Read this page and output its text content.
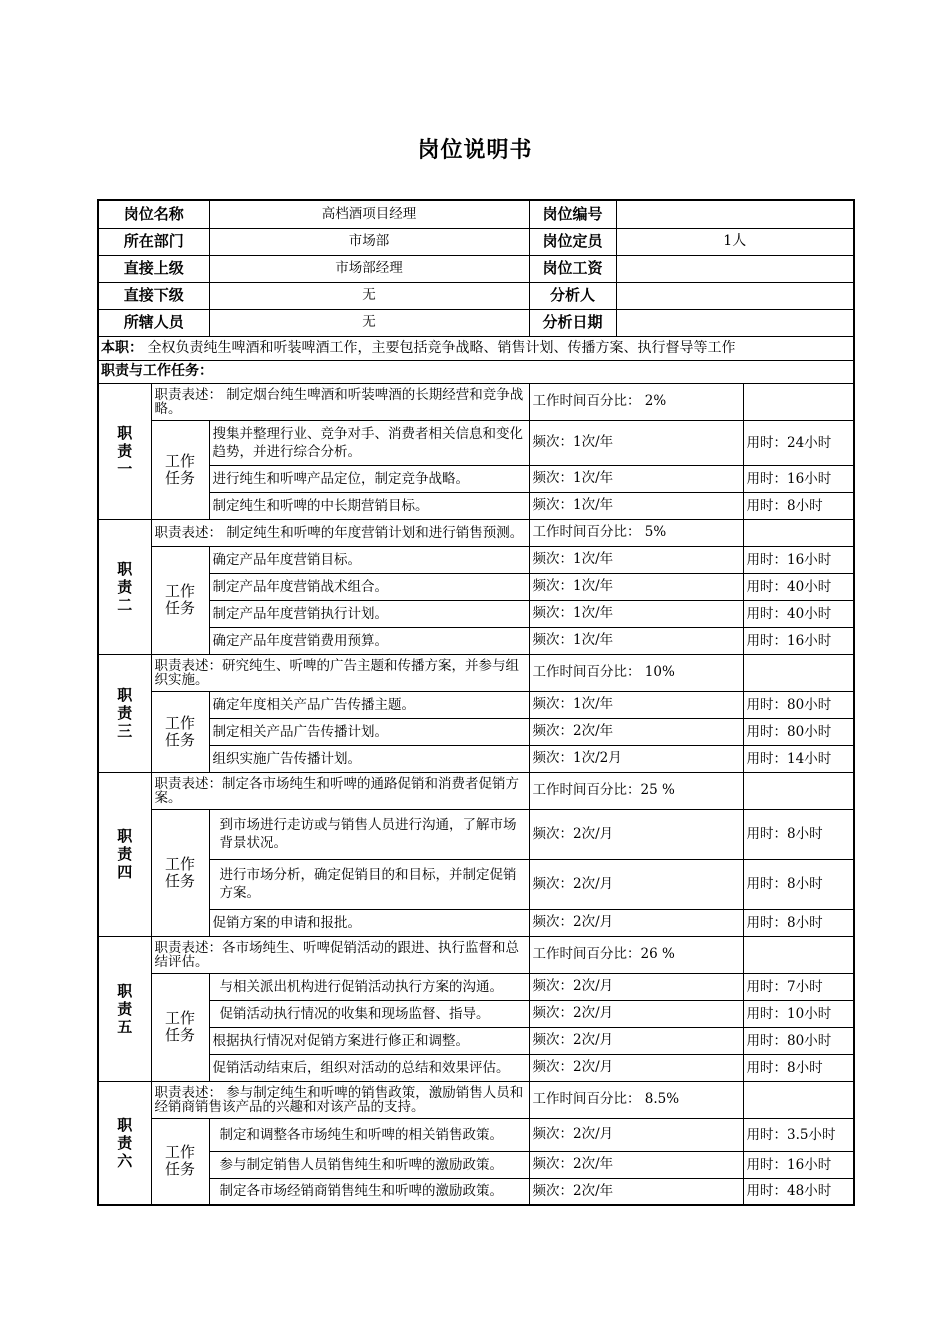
岗位说明书
岗位名称		高档酒项目经理	岗位编号		
所在部门		市场部	岗位定员	1人	
直接上级		市场部经理	岗位工资		
直接下级		无	分析人		
所辖人员		无	分析日期		
本职： 全权负责纯生啤酒和听装啤酒工作，主要包括竞争战略、销售计划、传播方案、执行督导等工作					
职责与工作任务：					

职
责
一	职责表述： 制定烟台纯生啤酒和听装啤酒的长期经营和竞争战略。		工作时间百分比： 2%		

	工作任务	搜集并整理行业、竞争对手、消费者相关信息和变化趋势，并进行综合分析。	频次：1次/年		用时：24小时
		进行纯生和听啤产品定位，制定竞争战略。	频次：1次/年		用时：16小时
		制定纯生和听啤的中长期营销目标。	频次：1次/年		用时：8小时

职
责
二	职责表述： 制定纯生和听啤的年度营销计划和进行销售预测。		工作时间百分比： 5%		

	工作任务	确定产品年度营销目标。	频次：1次/年		用时：16小时
		制定产品年度营销战术组合。	频次：1次/年		用时：40小时
		制定产品年度营销执行计划。	频次：1次/年		用时：40小时
		确定产品年度营销费用预算。	频次：1次/年		用时：16小时

职
责
三	职责表述：研究纯生、听啤的广告主题和传播方案，并参与组织实施。		工作时间百分比： 10%		

	工作任务	确定年度相关产品广告传播主题。	频次：1次/年		用时：80小时
		制定相关产品广告传播计划。	频次：2次/年		用时：80小时
		组织实施广告传播计划。	频次：1次/2月		用时：14小时

职
责
四	职责表述：制定各市场纯生和听啤的通路促销和消费者促销方案。		工作时间百分比：25 %		

	工作任务	到市场进行走访或与销售人员进行沟通，了解市场背景状况。	频次：2次/月		用时：8小时
		进行市场分析，确定促销目的和目标，并制定促销方案。	频次：2次/月		用时：8小时
		促销方案的申请和报批。	频次：2次/月		用时：8小时

职
责
五	职责表述：各市场纯生、听啤促销活动的跟进、执行监督和总结评估。		工作时间百分比：26 %		

	工作任务	与相关派出机构进行促销活动执行方案的沟通。	频次：2次/月		用时：7小时
		促销活动执行情况的收集和现场监督、指导。	频次：2次/月		用时：10小时
		根据执行情况对促销方案进行修正和调整。	频次：2次/月		用时：80小时
		促销活动结束后，组织对活动的总结和效果评估。	频次：2次/月		用时：8小时

职
责
六	职责表述： 参与制定纯生和听啤的销售政策，激励销售人员和经销商销售该产品的兴趣和对该产品的支持。		工作时间百分比： 8.5%		

	工作任务	制定和调整各市场纯生和听啤的相关销售政策。	频次：2次/月		用时：3.5小时
		参与制定销售人员销售纯生和听啤的激励政策。	频次：2次/年		用时：16小时
		制定各市场经销商销售纯生和听啤的激励政策。	频次：2次/年		用时：48小时
